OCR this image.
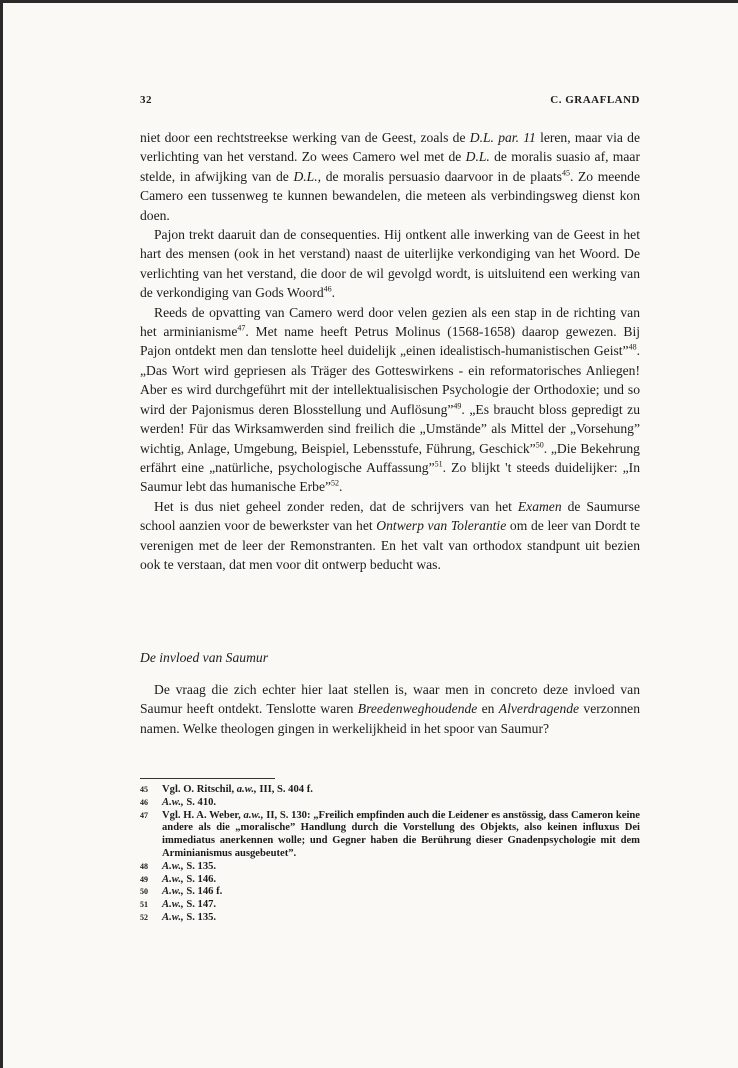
32	C. GRAAFLAND

niet door een rechtstreekse werking van de Geest, zoals de D.L. par. 11 leren, maar via de verlichting van het verstand. Zo wees Camero wel met de D.L. de moralis suasio af, maar stelde, in afwijking van de D.L., de moralis persuasio daarvoor in de plaats$^{45}$. Zo meende Camero een tussenweg te kunnen bewandelen, die meteen als verbindingsweg dienst kon doen.

Pajon trekt daaruit dan de consequenties. Hij ontkent alle inwerking van de Geest in het hart des mensen (ook in het verstand) naast de uiterlijke verkondiging van het Woord. De verlichting van het verstand, die door de wil gevolgd wordt, is uitsluitend een werking van de verkondiging van Gods Woord$^{46}$.

Reeds de opvatting van Camero werd door velen gezien als een stap in de richting van het arminianisme$^{47}$. Met name heeft Petrus Molinus (1568-1658) daarop gewezen. Bij Pajon ontdekt men dan tenslotte heel duidelijk „einen idealistisch-humanistischen Geist”$^{48}$. „Das Wort wird gepriesen als Träger des Gotteswirkens - ein reformatorisches Anliegen! Aber es wird durchgeführt mit der intellektualisischen Psychologie der Orthodoxie; und so wird der Pajonismus deren Blosstellung und Auflösung”$^{49}$. „Es braucht bloss gepredigt zu werden! Für das Wirksamwerden sind freilich die „Umstände” als Mittel der „Vorsehung” wichtig, Anlage, Umgebung, Beispiel, Lebensstufe, Führung, Geschick”$^{50}$. „Die Bekehrung erfährt eine „natürliche, psychologische Auffassung”$^{51}$. Zo blijkt 't steeds duidelijker: „In Saumur lebt das humanische Erbe”$^{52}$.

Het is dus niet geheel zonder reden, dat de schrijvers van het Examen de Saumurse school aanzien voor de bewerkster van het Ontwerp van Tolerantie om de leer van Dordt te verenigen met de leer der Remonstranten. En het valt van orthodox standpunt uit bezien ook te verstaan, dat men voor dit ontwerp beducht was.

De invloed van Saumur

De vraag die zich echter hier laat stellen is, waar men in concreto deze invloed van Saumur heeft ontdekt. Tenslotte waren Breedenweghoudende en Alverdragende verzonnen namen. Welke theologen gingen in werkelijkheid in het spoor van Saumur?

45 Vgl. O. Ritschil, a.w., III, S. 404 f.
46 A.w., S. 410.
47 Vgl. H. A. Weber, a.w., II, S. 130: „Freilich empfinden auch die Leidener es anstössig, dass Cameron keine andere als die „moralische” Handlung durch die Vorstellung des Objekts, also keinen influxus Dei immediatus anerkennen wolle; und Gegner haben die Berührung dieser Gnadenpsychologie mit dem Arminianismus ausgebeutet”.
48 A.w., S. 135.
49 A.w., S. 146.
50 A.w., S. 146 f.
51 A.w., S. 147.
52 A.w., S. 135.
